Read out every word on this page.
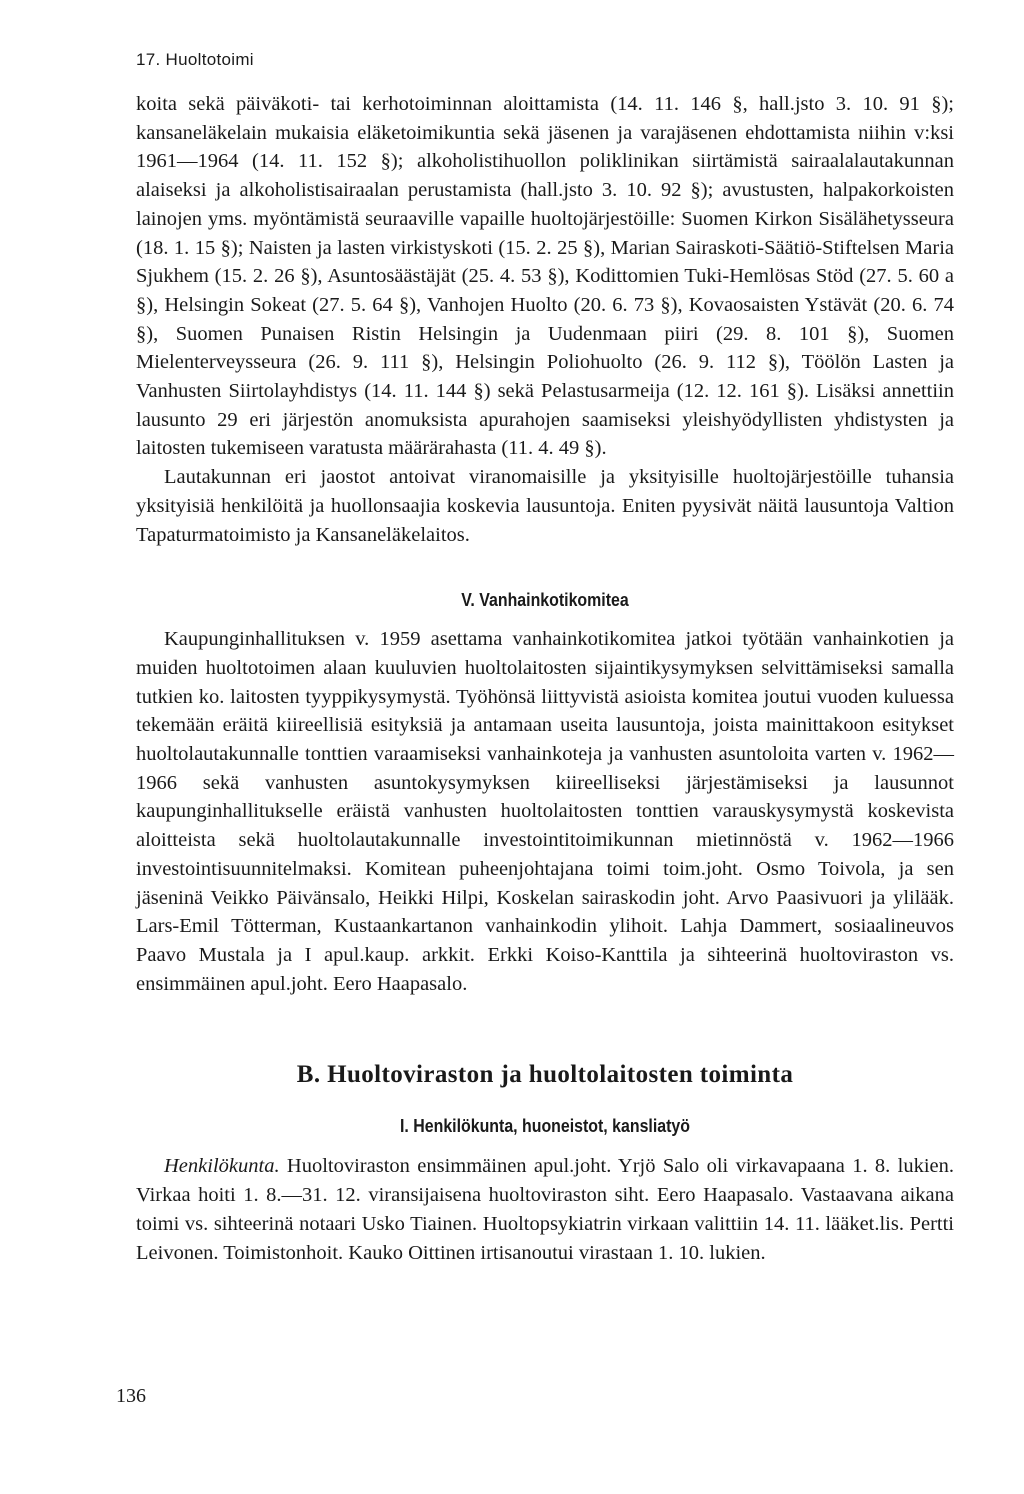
17. Huoltotoimi

koita sekä päiväkoti- tai kerhotoiminnan aloittamista (14. 11. 146 §, hall.jsto 3. 10. 91 §); kansaneläkelain mukaisia eläketoimikuntia sekä jäsenen ja varajäsenen ehdottamista niihin v:ksi 1961—1964 (14. 11. 152 §); alkoholistihuollon poliklinikan siirtämistä sairaalalautakunnan alaiseksi ja alkoholistisairaalan perustamista (hall.jsto 3. 10. 92 §); avustusten, halpakorkoisten lainojen yms. myöntämistä seuraaville vapaille huoltojärjestöille: Suomen Kirkon Sisälähetysseura (18. 1. 15 §); Naisten ja lasten virkistyskoti (15. 2. 25 §), Marian Sairaskoti-Säätiö-Stiftelsen Maria Sjukhem (15. 2. 26 §), Asuntosäästäjät (25. 4. 53 §), Kodittomien Tuki-Hemlösas Stöd (27. 5. 60 a §), Helsingin Sokeat (27. 5. 64 §), Vanhojen Huolto (20. 6. 73 §), Kovaosaisten Ystävät (20. 6. 74 §), Suomen Punaisen Ristin Helsingin ja Uudenmaan piiri (29. 8. 101 §), Suomen Mielenterveysseura (26. 9. 111 §), Helsingin Poliohuolto (26. 9. 112 §), Töölön Lasten ja Vanhusten Siirtolayhdistys (14. 11. 144 §) sekä Pelastusarmeija (12. 12. 161 §). Lisäksi annettiin lausunto 29 eri järjestön anomuksista apurahojen saamiseksi yleishyödyllisten yhdistysten ja laitosten tukemiseen varatusta määrärahasta (11. 4. 49 §).

Lautakunnan eri jaostot antoivat viranomaisille ja yksityisille huoltojärjestöille tuhansia yksityisiä henkilöitä ja huollonsaajia koskevia lausuntoja. Eniten pyysivät näitä lausuntoja Valtion Tapaturmatoimisto ja Kansaneläkelaitos.

V. Vanhainkotikomitea

Kaupunginhallituksen v. 1959 asettama vanhainkotikomitea jatkoi työtään vanhainkotien ja muiden huoltotoimen alaan kuuluvien huoltolaitosten sijaintikysymyksen selvittämiseksi samalla tutkien ko. laitosten tyyppikysymystä. Työhönsä liittyvistä asioista komitea joutui vuoden kuluessa tekemään eräitä kiireellisiä esityksiä ja antamaan useita lausuntoja, joista mainittakoon esitykset huoltolautakunnalle tonttien varaamiseksi vanhainkoteja ja vanhusten asuntoloita varten v. 1962—1966 sekä vanhusten asuntokysymyksen kiireelliseksi järjestämiseksi ja lausunnot kaupunginhallitukselle eräistä vanhusten huoltolaitosten tonttien varauskysymystä koskevista aloitteista sekä huoltolautakunnalle investointitoimikunnan mietinnöstä v. 1962—1966 investointisuunnitelmaksi. Komitean puheenjohtajana toimi toim.joht. Osmo Toivola, ja sen jäseninä Veikko Päivänsalo, Heikki Hilpi, Koskelan sairaskodin joht. Arvo Paasivuori ja ylilääk. Lars-Emil Tötterman, Kustaankartanon vanhainkodin ylihoit. Lahja Dammert, sosiaalineuvos Paavo Mustala ja I apul.kaup. arkkit. Erkki Koiso-Kanttila ja sihteerinä huoltoviraston vs. ensimmäinen apul.joht. Eero Haapasalo.

B. Huoltoviraston ja huoltolaitosten toiminta
I. Henkilökunta, huoneistot, kansliatyö

Henkilökunta. Huoltoviraston ensimmäinen apul.joht. Yrjö Salo oli virkavapaana 1. 8. lukien. Virkaa hoiti 1. 8.—31. 12. viransijaisena huoltoviraston siht. Eero Haapasalo. Vastaavana aikana toimi vs. sihteerinä notaari Usko Tiainen. Huoltopsykiatrin virkaan valittiin 14. 11. lääket.lis. Pertti Leivonen. Toimistonhoit. Kauko Oittinen irtisanoutui virastaan 1. 10. lukien.

136
